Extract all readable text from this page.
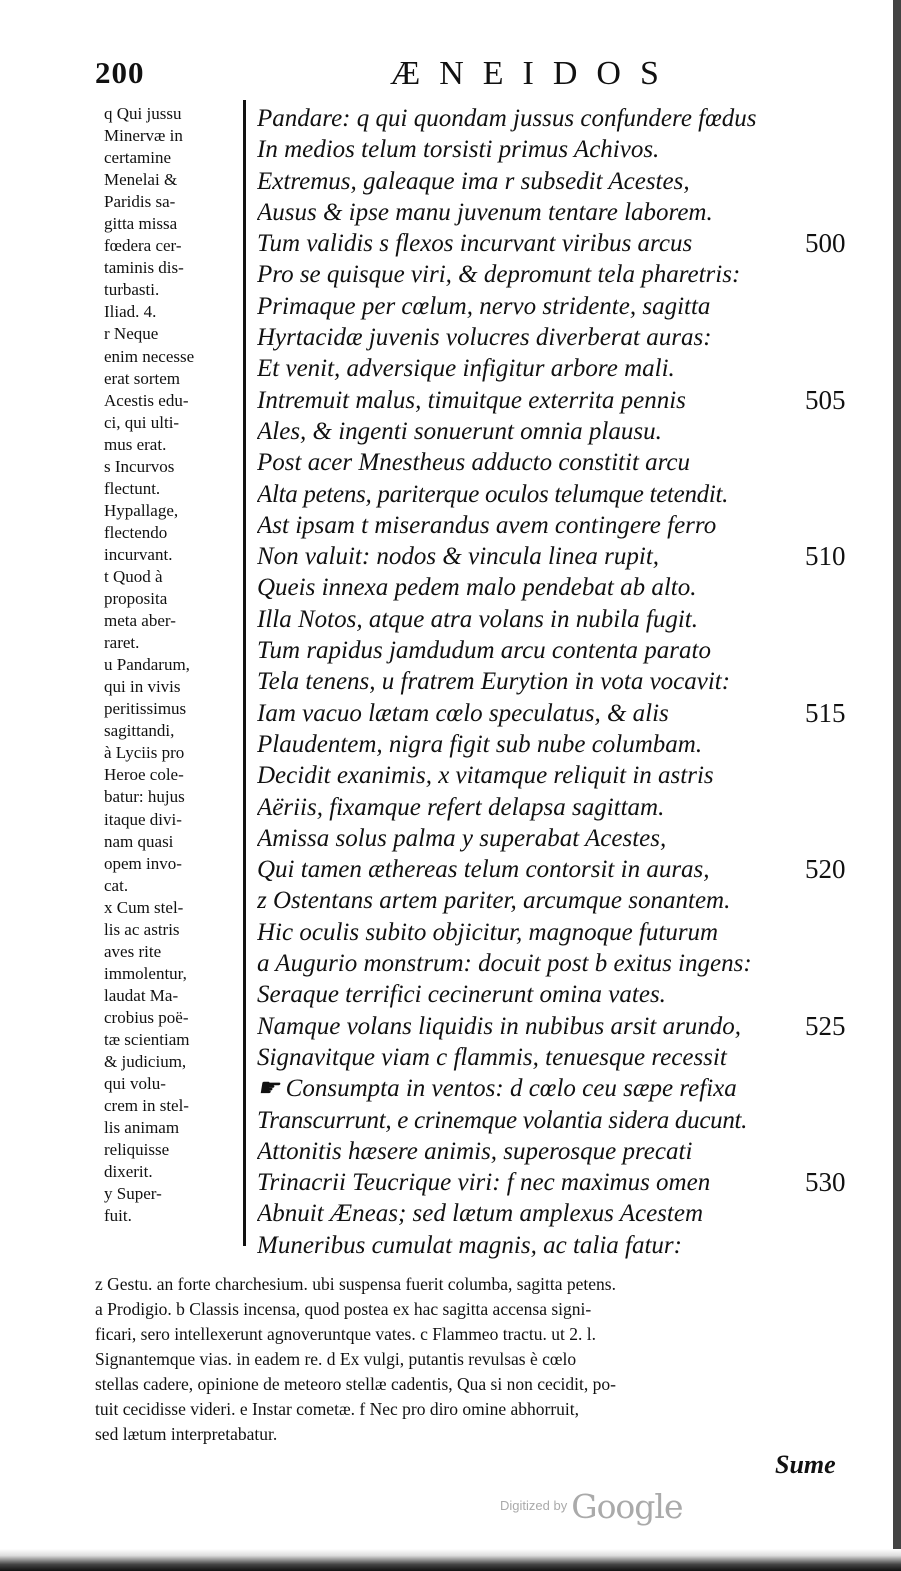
200	ÆNEIDOS
q Qui jussu
Minervæ in
certamine
Menelai &
Paridis sa-
gitta missa
fœdera cer-
taminis dis-
turbasti.
Iliad. 4.
r Neque
enim necesse
erat sortem
Acestis edu-
ci, qui ulti-
mus erat.
s Incurvos
flectunt.
Hypallage,
flectendo
incurvant.
t Quod à
proposita
meta aber-
raret.
u Pandarum,
qui in vivis
peritissimus
sagittandi,
à Lyciis pro
Heroe cole-
batur: hujus
itaque divi-
nam quasi
opem invo-
cat.
x Cum stel-
lis ac astris
aves rite
immolentur,
laudat Ma-
crobius poë-
tæ scientiam
& judicium,
qui volu-
crem in stel-
lis animam
reliquisse
dixerit.
y Super-
fuit.
Pandare: q qui quondam jussus confundere fœdus
In medios telum torsisti primus Achivos.
Extremus, galeaque ima r subsedit Acestes,
Ausus & ipse manu juvenum tentare laborem.
Tum validis s flexos incurvant viribus arcus
Pro se quisque viri, & depromunt tela pharetris:
Primaque per cœlum, nervo stridente, sagitta
Hyrtacidæ juvenis volucres diverberat auras:
Et venit, adversique infigitur arbore mali.
Intremuit malus, timuitque exterrita pennis
Ales, & ingenti sonuerunt omnia plausu.
Post acer Mnestheus adducto constitit arcu
Alta petens, pariterque oculos telumque tetendit.
Ast ipsam t miserandus avem contingere ferro
Non valuit: nodos & vincula linea rupit,
Queis innexa pedem malo pendebat ab alto.
Illa Notos, atque atra volans in nubila fugit.
Tum rapidus jamdudum arcu contenta parato
Tela tenens, u fratrem Eurytion in vota vocavit:
Iam vacuo lætam cœlo speculatus, & alis
Plaudentem, nigra figit sub nube columbam.
Decidit exanimis, x vitamque reliquit in astris
Aëriis, fixamque refert delapsa sagittam.
Amissa solus palma y superabat Acestes,
Qui tamen æthereas telum contorsit in auras,
z Ostentans artem pariter, arcumque sonantem.
Hic oculis subito objicitur, magnoque futurum
a Augurio monstrum: docuit post b exitus ingens:
Seraque terrifici cecinerunt omina vates.
Namque volans liquidis in nubibus arsit arundo,
Signavitque viam c flammis, tenuesque recessit
☛ Consumpta in ventos: d cœlo ceu sæpe refixa
Transcurrunt, e crinemque volantia sidera ducunt.
Attonitis hæsere animis, superosque precati
Trinacrii Teucrique viri: f nec maximus omen
Abnuit Æneas; sed lætum amplexus Acestem
Muneribus cumulat magnis, ac talia fatur:
500
505
510
515
520
525
530
z Gestu. an forte charchesium. ubi suspensa fuerit columba, sagitta petens.
a Prodigio. b Classis incensa, quod postea ex hac sagitta accensa signi-
ficari, sero intellexerunt agnoveruntque vates. c Flammeo tractu. ut 2. l.
Signantemque vias. in eadem re. d Ex vulgi, putantis revulsas è cœlo
stellas cadere, opinione de meteoro stellæ cadentis, Qua si non cecidit, po-
tuit cecidisse videri. e Instar cometæ. f Nec pro diro omine abhorruit,
sed lætum interpretabatur.
Sume
$^{Digitized by}$ Google
